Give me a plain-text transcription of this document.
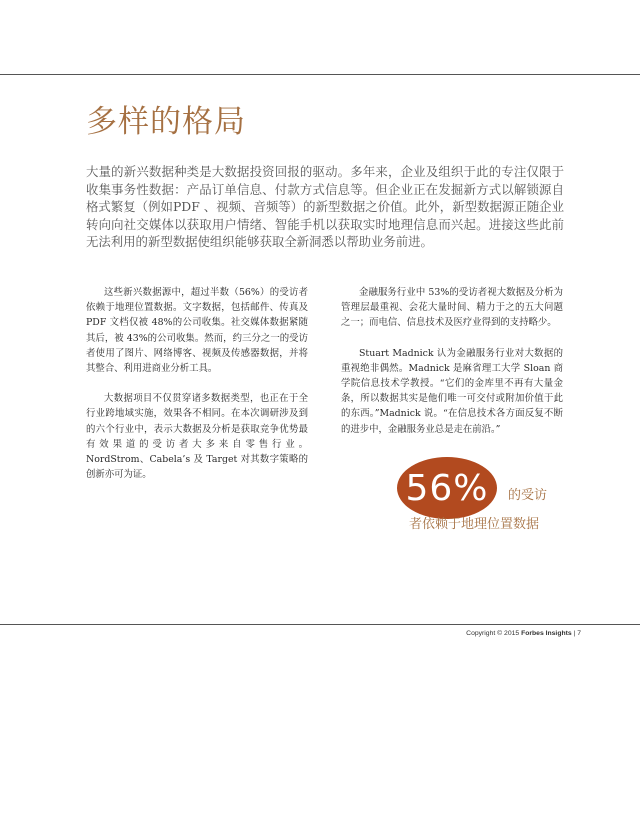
多样的格局

大量的新兴数据种类是大数据投资回报的驱动。多年来，企业及组织于此的专注仅限于收集事务性数据：产品订单信息、付款方式信息等。但企业正在发掘新方式以解锁源自格式繁复（例如PDF 、视频、音频等）的新型数据之价值。此外，新型数据源正随企业转向向社交媒体以获取用户情绪、智能手机以获取实时地理信息而兴起。进接这些此前无法利用的新型数据使组织能够获取全新洞悉以帮助业务前进。

这些新兴数据源中，超过半数（56%）的受访者依赖于地理位置数据。文字数据，包括邮件、传真及 PDF 文档仅被 48%的公司收集。社交媒体数据紧随其后，被 43%的公司收集。然而，约三分之一的受访者使用了图片、网络博客、视频及传感器数据，并将其整合、利用进商业分析工具。

大数据项目不仅贯穿诸多数据类型，也正在于全行业跨地域实施，效果各不相同。在本次调研涉及到的六个行业中，表示大数据及分析是获取竞争优势最有效果道的受访者大多来自零售行业。NordStrom、Cabela’s 及 Target 对其数字策略的创新亦可为证。

金融服务行业中 53%的受访者视大数据及分析为管理层最重视、会花大量时间、精力于之的五大问题之一；而电信、信息技术及医疗业得到的支持略少。

Stuart Madnick 认为金融服务行业对大数据的重视绝非偶然。Madnick 是麻省理工大学 Sloan 商学院信息技术学教授。“它们的金库里不再有大量金条，所以数据其实是他们唯一可交付或附加价值于此的东西。”Madnick 说。“在信息技术各方面反复不断的进步中，金融服务业总是走在前沿。”

56% 的受访
者依赖于地理位置数据
Copyright © 2015 Forbes Insights | 7
